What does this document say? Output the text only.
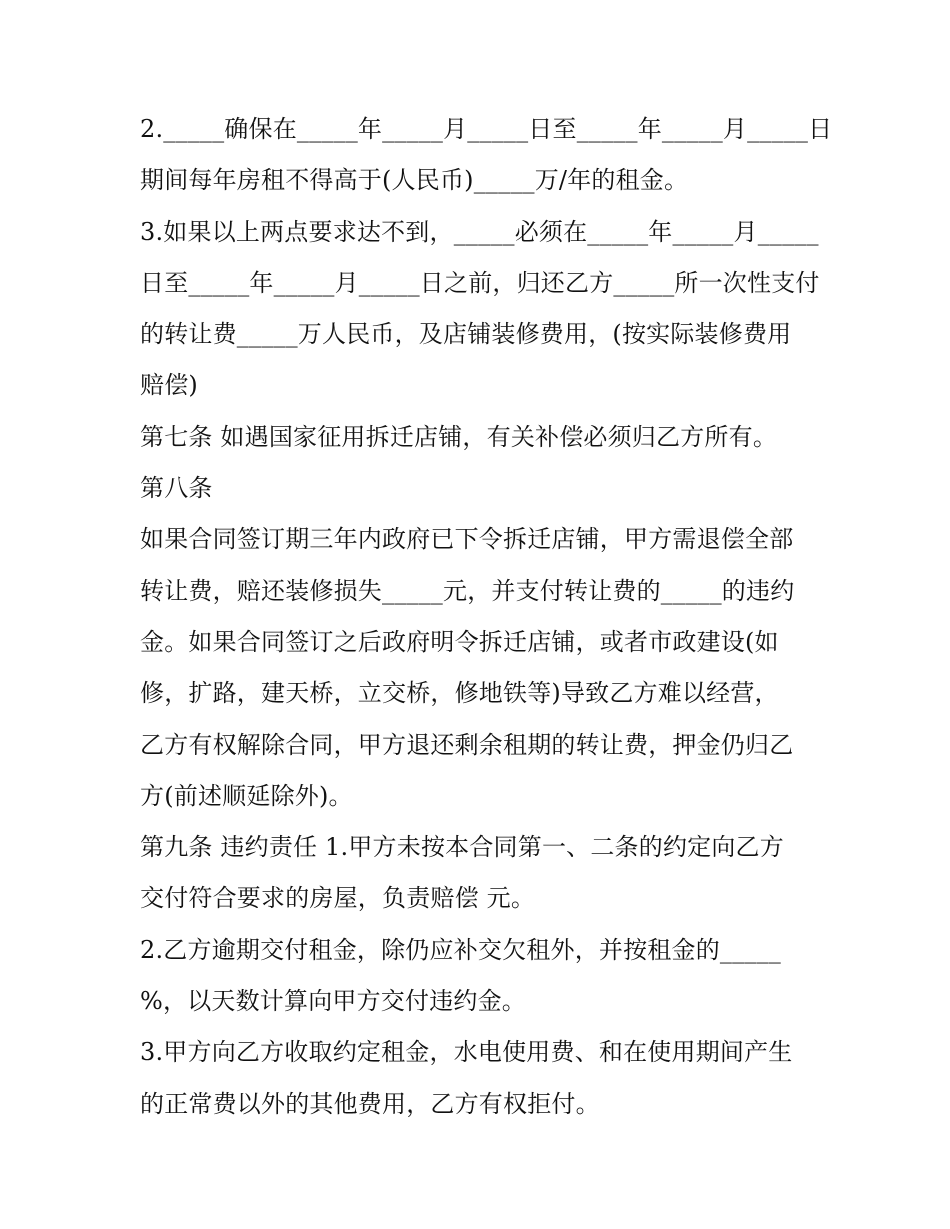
2._____确保在_____年_____月_____日至_____年_____月_____日
期间每年房租不得高于(人民币)_____万/年的租金。
3.如果以上两点要求达不到，_____必须在_____年_____月_____
日至_____年_____月_____日之前，归还乙方_____所一次性支付
的转让费_____万人民币，及店铺装修费用，(按实际装修费用
赔偿)
第七条 如遇国家征用拆迁店铺，有关补偿必须归乙方所有。
第八条
如果合同签订期三年内政府已下令拆迁店铺，甲方需退偿全部
转让费，赔还装修损失_____元，并支付转让费的_____的违约
金。如果合同签订之后政府明令拆迁店铺，或者市政建设(如
修，扩路，建天桥，立交桥，修地铁等)导致乙方难以经营，
乙方有权解除合同，甲方退还剩余租期的转让费，押金仍归乙
方(前述顺延除外)。
第九条 违约责任 1.甲方未按本合同第一、二条的约定向乙方
交付符合要求的房屋，负责赔偿 元。
2.乙方逾期交付租金，除仍应补交欠租外，并按租金的_____
%，以天数计算向甲方交付违约金。
3.甲方向乙方收取约定租金，水电使用费、和在使用期间产生
的正常费以外的其他费用，乙方有权拒付。
